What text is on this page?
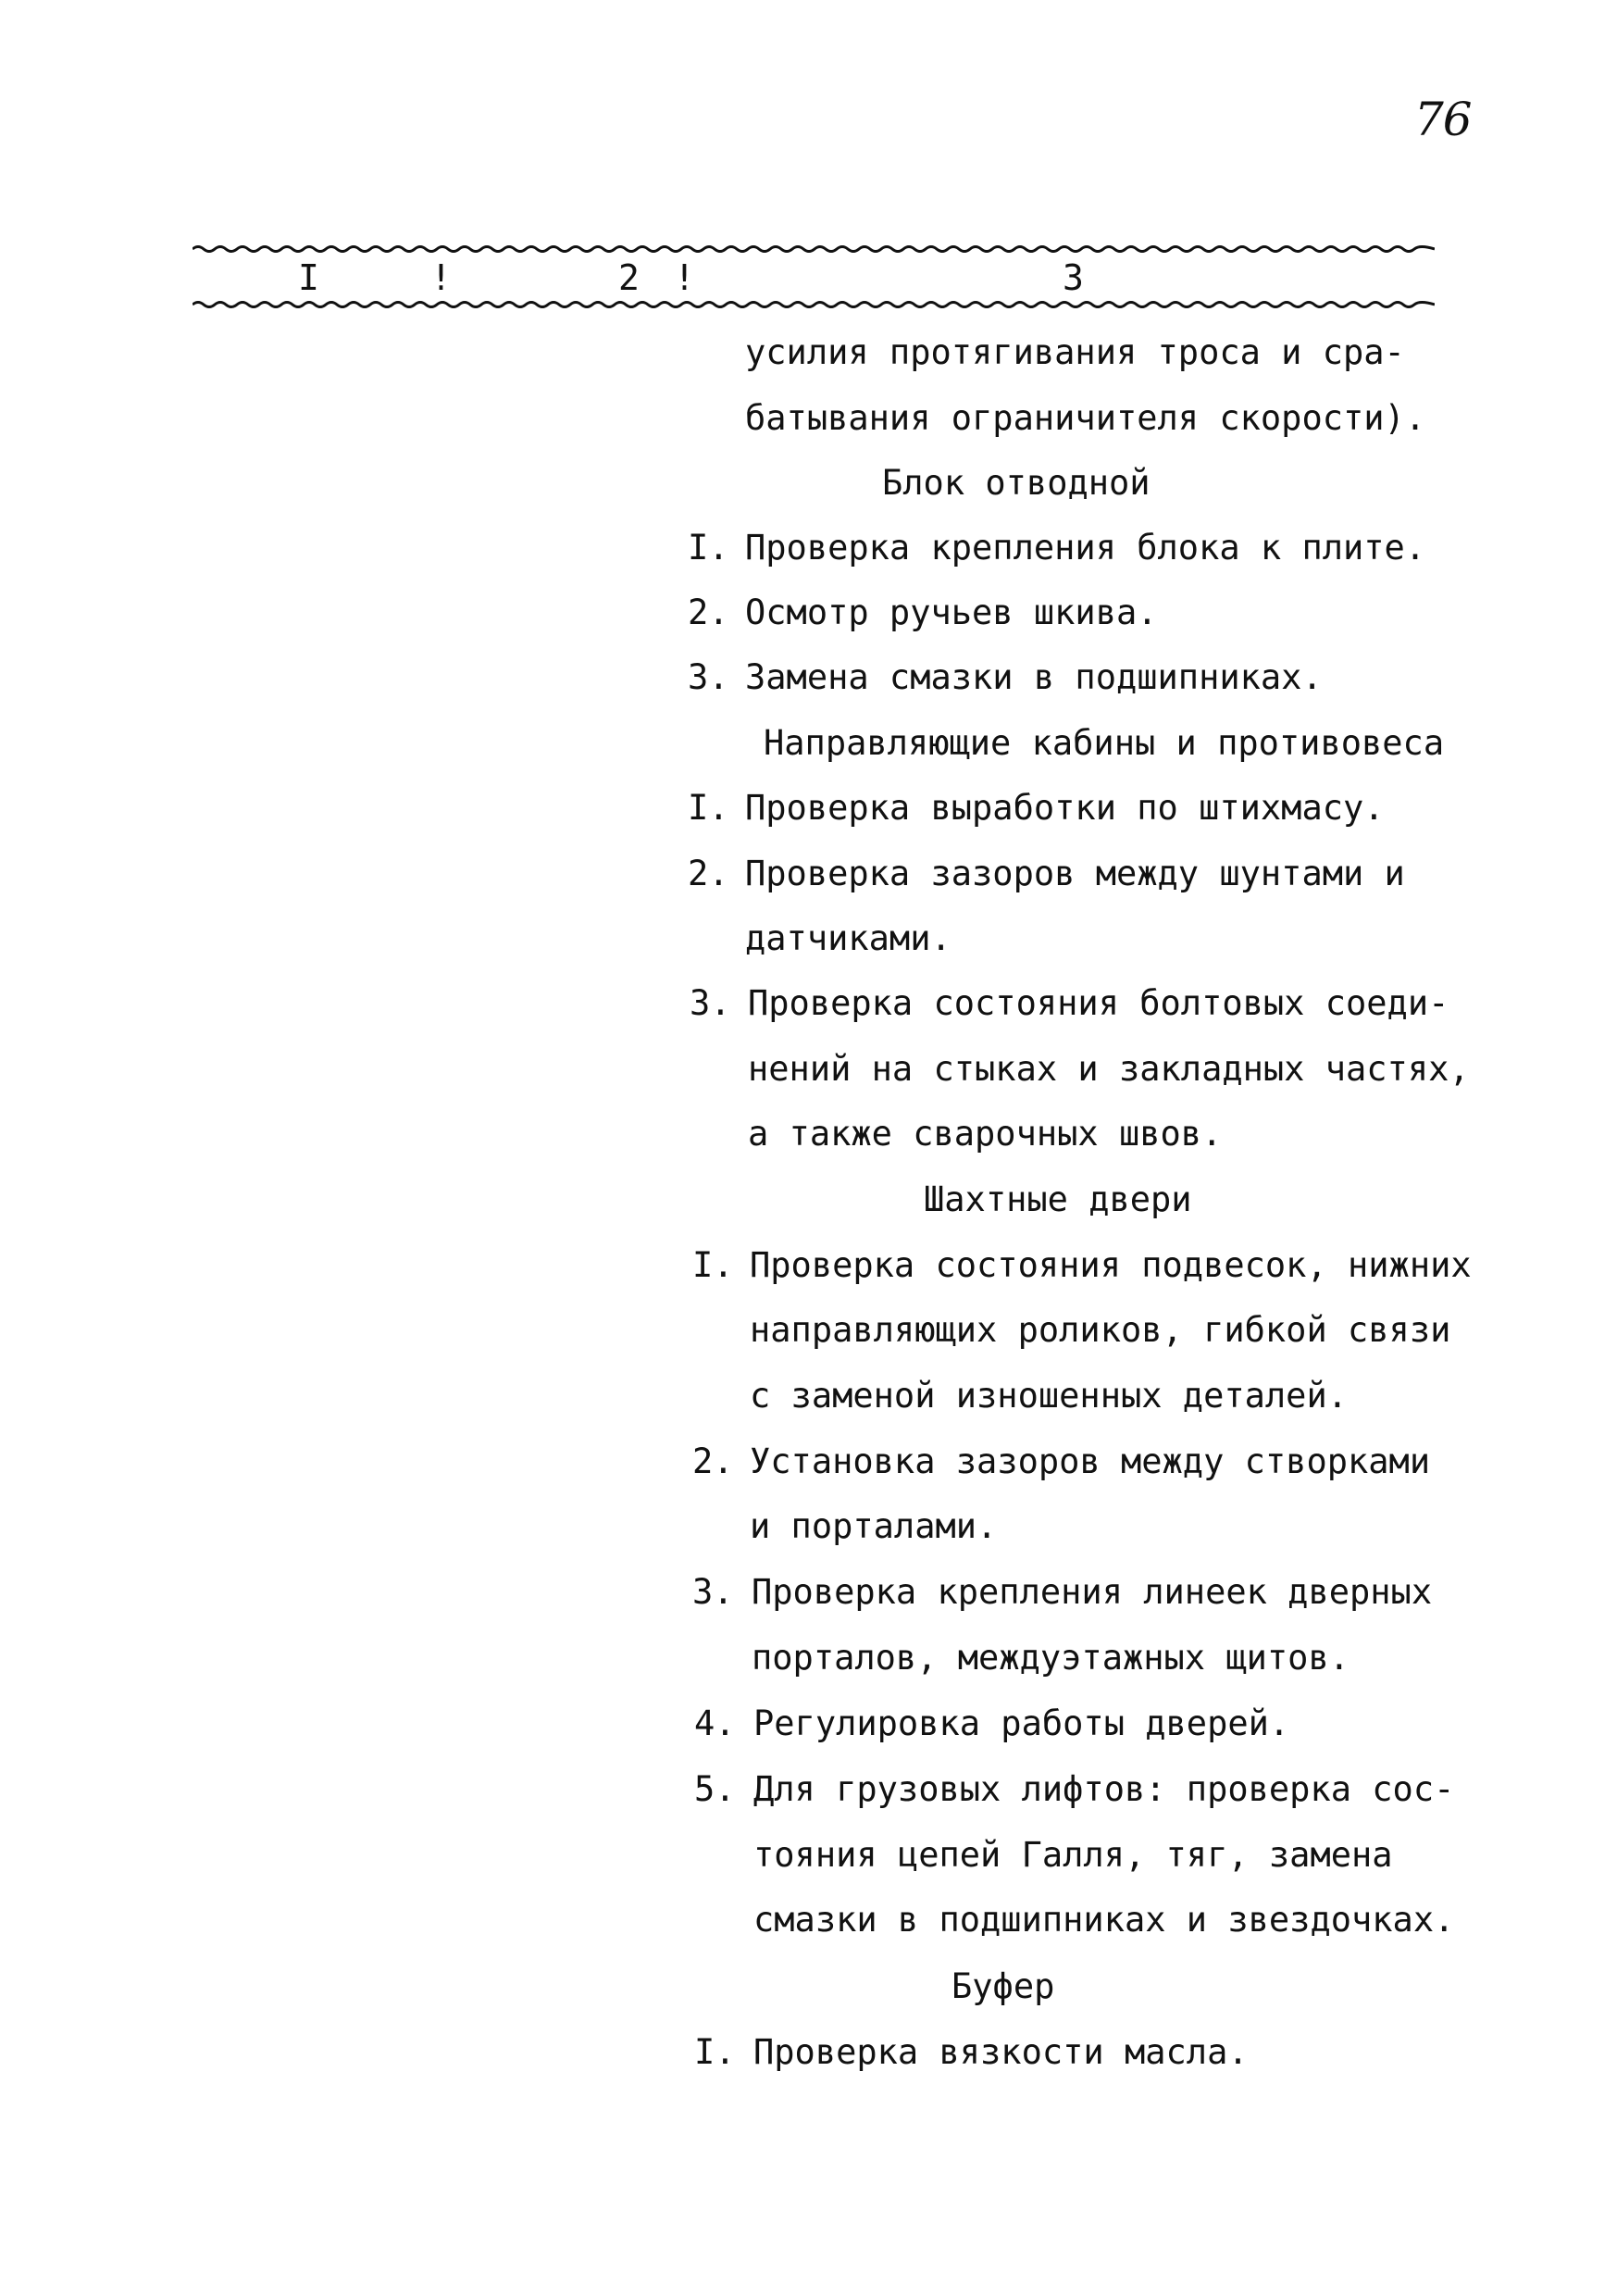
76
I	!	2 !	3
усилия протягивания троса и сра-
батывания ограничителя скорости).
Блок отводной
I. Проверка крепления блока к плите.
2. Осмотр ручьев шкива.
3. Замена смазки в подшипниках.
Направляющие кабины и противовеса
I. Проверка выработки по штихмасу.
2. Проверка зазоров между шунтами и
датчиками.
3. Проверка состояния болтовых соеди-
нений на стыках и закладных частях,
а также сварочных швов.
Шахтные двери
I. Проверка состояния подвесок, нижних
направляющих роликов, гибкой связи
с заменой изношенных деталей.
2. Установка зазоров между створками
и порталами.
3. Проверка крепления линеек дверных
порталов, междуэтажных щитов.
4. Регулировка работы дверей.
5. Для грузовых лифтов: проверка сос-
тояния цепей Галля, тяг, замена
смазки в подшипниках и звездочках.
Буфер
I. Проверка вязкости масла.
